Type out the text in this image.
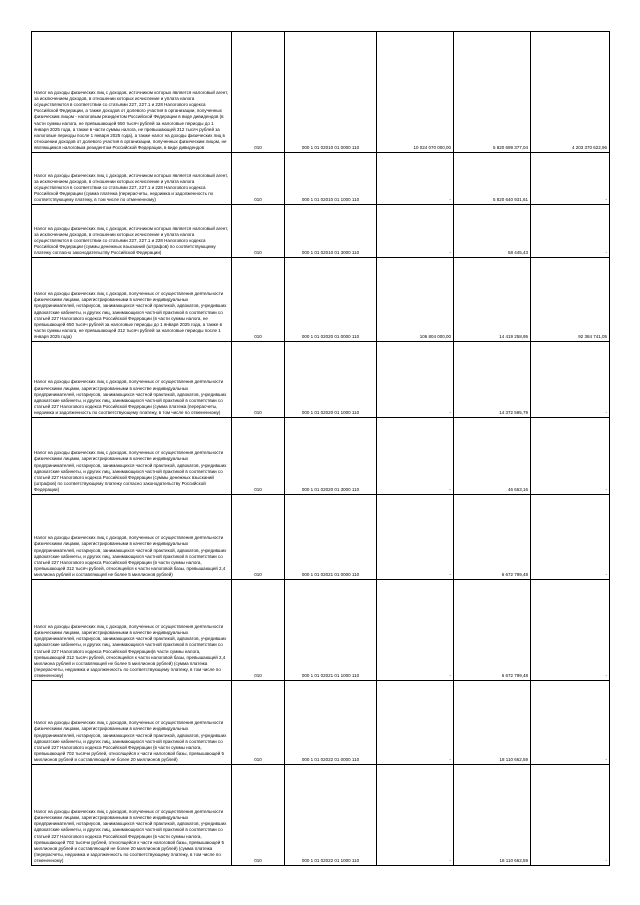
Налог на доходы физических лиц с доходов, источником которых является налоговый агент, за исключением доходов, в отношении которых исчисление и уплата налога осуществляются в соответствии со статьями 227, 227.1 и 228 Налогового кодекса Российской Федерации, а также доходов от долевого участия в организации, полученных физическим лицом - налоговым резидентом Российской Федерации в виде дивидендов (в части суммы налога, не превышающей 650 тысяч рублей за налоговые периоды до 1 января 2025 года, а также в части суммы налога, не превышающей 312 тысяч рублей за налоговые периоды после 1 января 2025 года), а также налог на доходы физических лиц в отношении доходов от долевого участия в организации, полученных физическим лицом, не являющимся налоговым резидентом Российской Федерации, в виде дивидендов	010	000 1 01 02010 01 0000 110	10 024 070 000,00	5 820 699 377,04	4 203 370 622,96

Налог на доходы физических лиц с доходов, источником которых является налоговый агент, за исключением доходов, в отношении которых исчисление и уплата налога осуществляются в соответствии со статьями 227, 227.1 и 228 Налогового кодекса Российской Федерации (сумма платежа (перерасчеты, недоимка и задолженность по соответствующему платежу, в том числе по отмененному)	010	000 1 01 02010 01 1000 110	-	5 820 640 931,61	-

Налог на доходы физических лиц с доходов, источником которых является налоговый агент, за исключением доходов, в отношении которых исчисление и уплата налога осуществляются в соответствии со статьями 227, 227.1 и 228 Налогового кодекса Российской Федерации (суммы денежных взысканий (штрафов) по соответствующему платежу согласно законодательству Российской Федерации)	010	000 1 01 02010 01 3000 110	-	58 445,43	-

Налог на доходы физических лиц с доходов, полученных от осуществления деятельности физическими лицами, зарегистрированными в качестве индивидуальных предпринимателей, нотариусов, занимающихся частной практикой, адвокатов, учредивших адвокатские кабинеты, и других лиц, занимающихся частной практикой в соответствии со статьей 227 Налогового кодекса Российской Федерации (в части суммы налога, не превышающей 650 тысяч рублей за налоговые периоды до 1 января 2025 года, а также в части суммы налога, не превышающей 312 тысяч рублей за налоговые периоды после 1 января 2025 года)	010	000 1 01 02020 01 0000 110	106 804 000,00	14 419 258,95	92 384 741,05

Налог на доходы физических лиц с доходов, полученных от осуществления деятельности физическими лицами, зарегистрированными в качестве индивидуальных предпринимателей, нотариусов, занимающихся частной практикой, адвокатов, учредивших адвокатские кабинеты, и других лиц, занимающихся частной практикой в соответствии со статьей 227 Налогового кодекса Российской Федерации (сумма платежа (перерасчеты, недоимка и задолженность по соответствующему платежу, в том числе по отмененному)	010	000 1 01 02020 01 1000 110	-	14 372 595,79	-

Налог на доходы физических лиц с доходов, полученных от осуществления деятельности физическими лицами, зарегистрированными в качестве индивидуальных предпринимателей, нотариусов, занимающихся частной практикой, адвокатов, учредивших адвокатские кабинеты, и других лиц, занимающихся частной практикой в соответствии со статьей 227 Налогового кодекса Российской Федерации (суммы денежных взысканий (штрафов) по соответствующему платежу согласно законодательству Российской Федерации)	010	000 1 01 02020 01 3000 110	-	46 663,16	-

Налог на доходы физических лиц с доходов, полученных от осуществления деятельности физическими лицами, зарегистрированными в качестве индивидуальных предпринимателей, нотариусов, занимающихся частной практикой, адвокатов, учредивших адвокатские кабинеты, и других лиц, занимающихся частной практикой в соответствии со статьей 227 Налогового кодекса Российской Федерации (в части суммы налога, превышающей 312 тысяч рублей, относящейся к части налоговой базы, превышающей 2,4 миллиона рублей и составляющей не более 5 миллионов рублей)	010	000 1 01 02021 01 0000 110	-	6 672 799,48	-

Налог на доходы физических лиц с доходов, полученных от осуществления деятельности физическими лицами, зарегистрированными в качестве индивидуальных предпринимателей, нотариусов, занимающихся частной практикой, адвокатов, учредивших адвокатские кабинеты, и других лиц, занимающихся частной практикой в соответствии со статьей 227 Налогового кодекса Российской Федерации(в части суммы налога, превышающей 312 тысяч рублей, относящейся к части налоговой базы, превышающей 2,4 миллиона рублей и составляющей не более 5 миллионов рублей) (сумма платежа (перерасчеты, недоимка и задолженность по соответствующему платежу, в том числе по отмененному)	010	000 1 01 02021 01 1000 110	-	6 672 799,48	-

Налог на доходы физических лиц с доходов, полученных от осуществления деятельности физическими лицами, зарегистрированными в качестве индивидуальных предпринимателей, нотариусов, занимающихся частной практикой, адвокатов, учредивших адвокатские кабинеты, и других лиц, занимающихся частной практикой в соответствии со статьей 227 Налогового кодекса Российской Федерации (в части суммы налога, превышающей 702 тысячи рублей, относящейся к части налоговой базы, превышающей 5 миллионов рублей и составляющей не более 20 миллионов рублей)	010	000 1 01 02022 01 0000 110	-	18 110 662,59	-

Налог на доходы физических лиц с доходов, полученных от осуществления деятельности физическими лицами, зарегистрированными в качестве индивидуальных предпринимателей, нотариусов, занимающихся частной практикой, адвокатов, учредивших адвокатские кабинеты, и других лиц, занимающихся частной практикой в соответствии со статьей 227 Налогового кодекса Российской Федерации (в части суммы налога, превышающей 702 тысячи рублей, относящейся к части налоговой базы, превышающей 5 миллионов рублей и составляющей не более 20 миллионов рублей) (сумма платежа (перерасчеты, недоимка и задолженность по соответствующему платежу, в том числе по отмененному)	010	000 1 01 02022 01 1000 110	-	18 110 662,59	-
